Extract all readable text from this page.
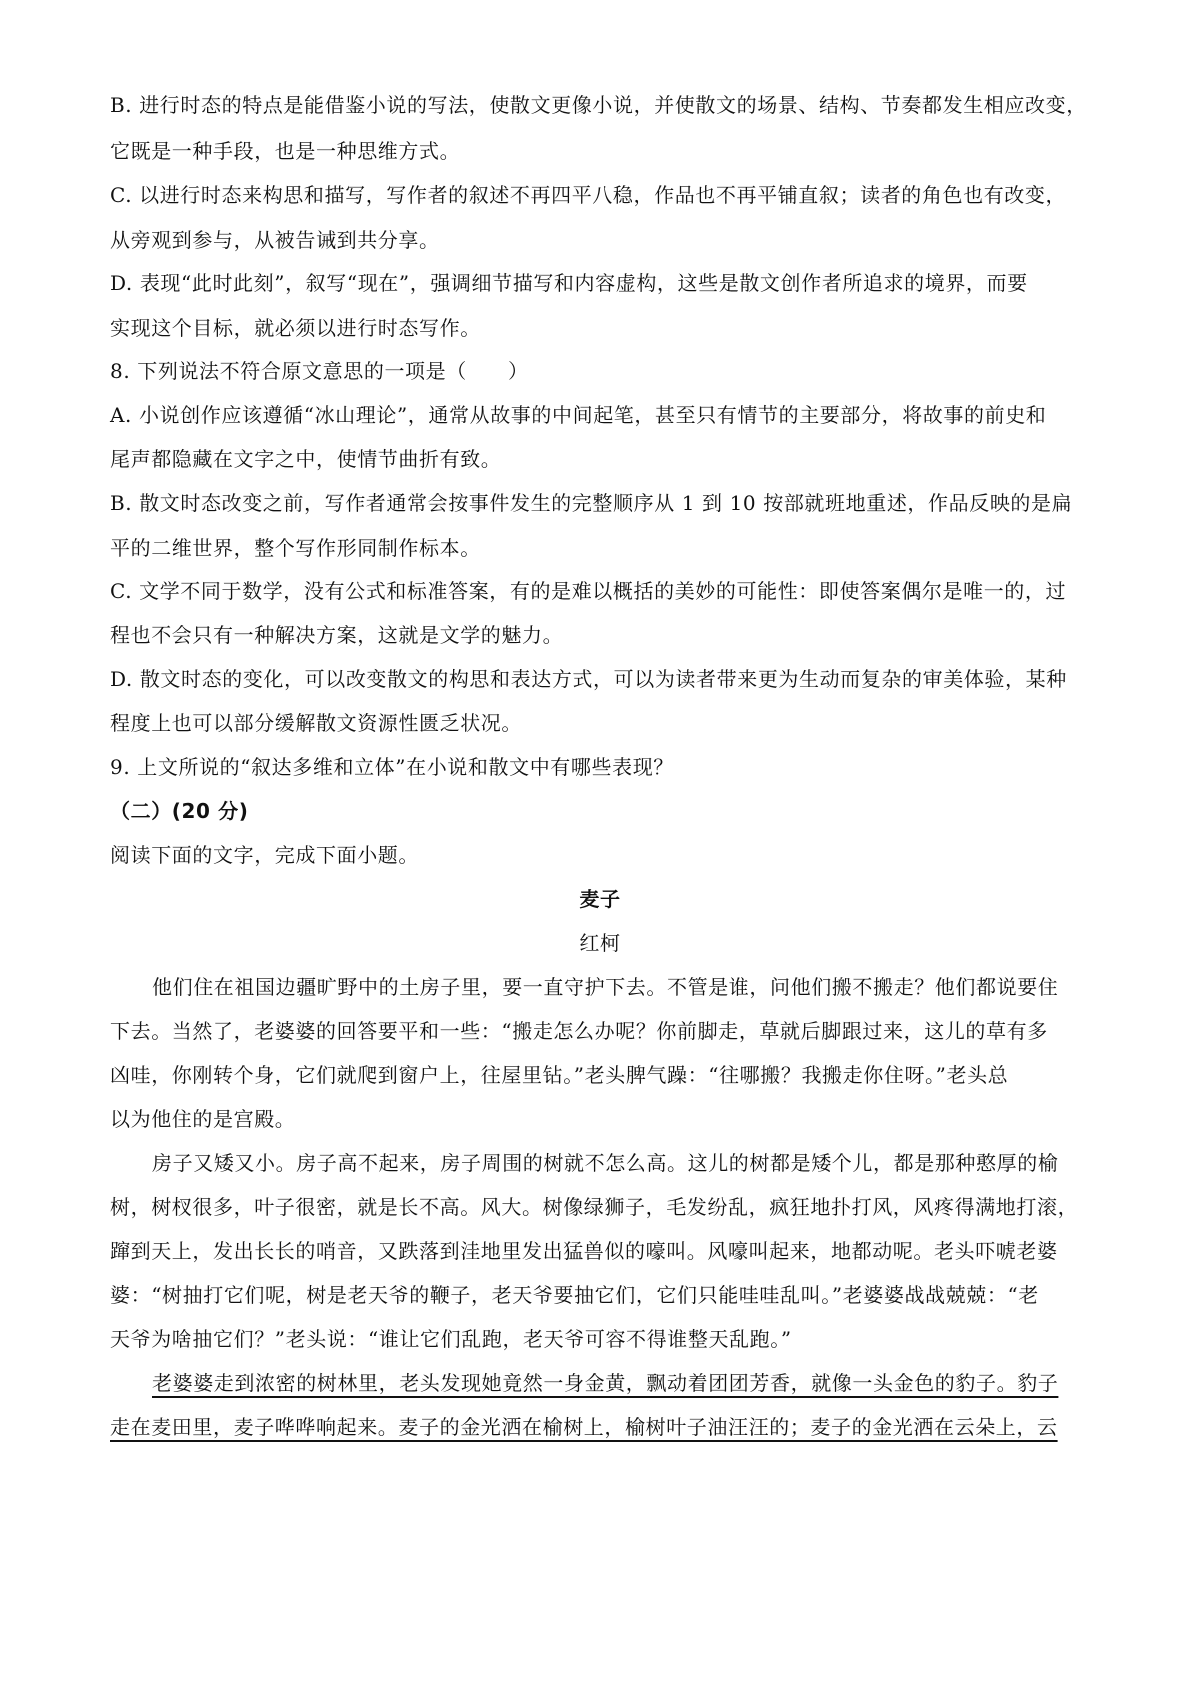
B. 进行时态的特点是能借鉴小说的写法，使散文更像小说，并使散文的场景、结构、节奏都发生相应改变，

它既是一种手段，也是一种思维方式。

C. 以进行时态来构思和描写，写作者的叙述不再四平八稳，作品也不再平铺直叙；读者的角色也有改变，

从旁观到参与，从被告诫到共分享。

D. 表现“此时此刻”，叙写“现在”，强调细节描写和内容虚构，这些是散文创作者所追求的境界，而要

实现这个目标，就必须以进行时态写作。

8. 下列说法不符合原文意思的一项是（　　）

A. 小说创作应该遵循“冰山理论”，通常从故事的中间起笔，甚至只有情节的主要部分，将故事的前史和

尾声都隐藏在文字之中，使情节曲折有致。

B. 散文时态改变之前，写作者通常会按事件发生的完整顺序从 1 到 10 按部就班地重述，作品反映的是扁

平的二维世界，整个写作形同制作标本。

C. 文学不同于数学，没有公式和标准答案，有的是难以概括的美妙的可能性：即使答案偶尔是唯一的，过

程也不会只有一种解决方案，这就是文学的魅力。

D. 散文时态的变化，可以改变散文的构思和表达方式，可以为读者带来更为生动而复杂的审美体验，某种

程度上也可以部分缓解散文资源性匮乏状况。

9. 上文所说的“叙达多维和立体”在小说和散文中有哪些表现？

（二）(20 分)

阅读下面的文字，完成下面小题。

麦子

红柯

他们住在祖国边疆旷野中的土房子里，要一直守护下去。不管是谁，问他们搬不搬走？他们都说要住

下去。当然了，老婆婆的回答要平和一些：“搬走怎么办呢？你前脚走，草就后脚跟过来，这儿的草有多

凶哇，你刚转个身，它们就爬到窗户上，往屋里钻。”老头脾气躁：“往哪搬？我搬走你住呀。”老头总

以为他住的是宫殿。

房子又矮又小。房子高不起来，房子周围的树就不怎么高。这儿的树都是矮个儿，都是那种憨厚的榆

树，树杈很多，叶子很密，就是长不高。风大。树像绿狮子，毛发纷乱，疯狂地扑打风，风疼得满地打滚，

蹿到天上，发出长长的哨音，又跌落到洼地里发出猛兽似的嚎叫。风嚎叫起来，地都动呢。老头吓唬老婆

婆：“树抽打它们呢，树是老天爷的鞭子，老天爷要抽它们，它们只能哇哇乱叫。”老婆婆战战兢兢：“老

天爷为啥抽它们？”老头说：“谁让它们乱跑，老天爷可容不得谁整天乱跑。”

老婆婆走到浓密的树林里，老头发现她竟然一身金黄，飘动着团团芳香，就像一头金色的豹子。豹子

走在麦田里，麦子哗哗响起来。麦子的金光洒在榆树上，榆树叶子油汪汪的；麦子的金光洒在云朵上，云
